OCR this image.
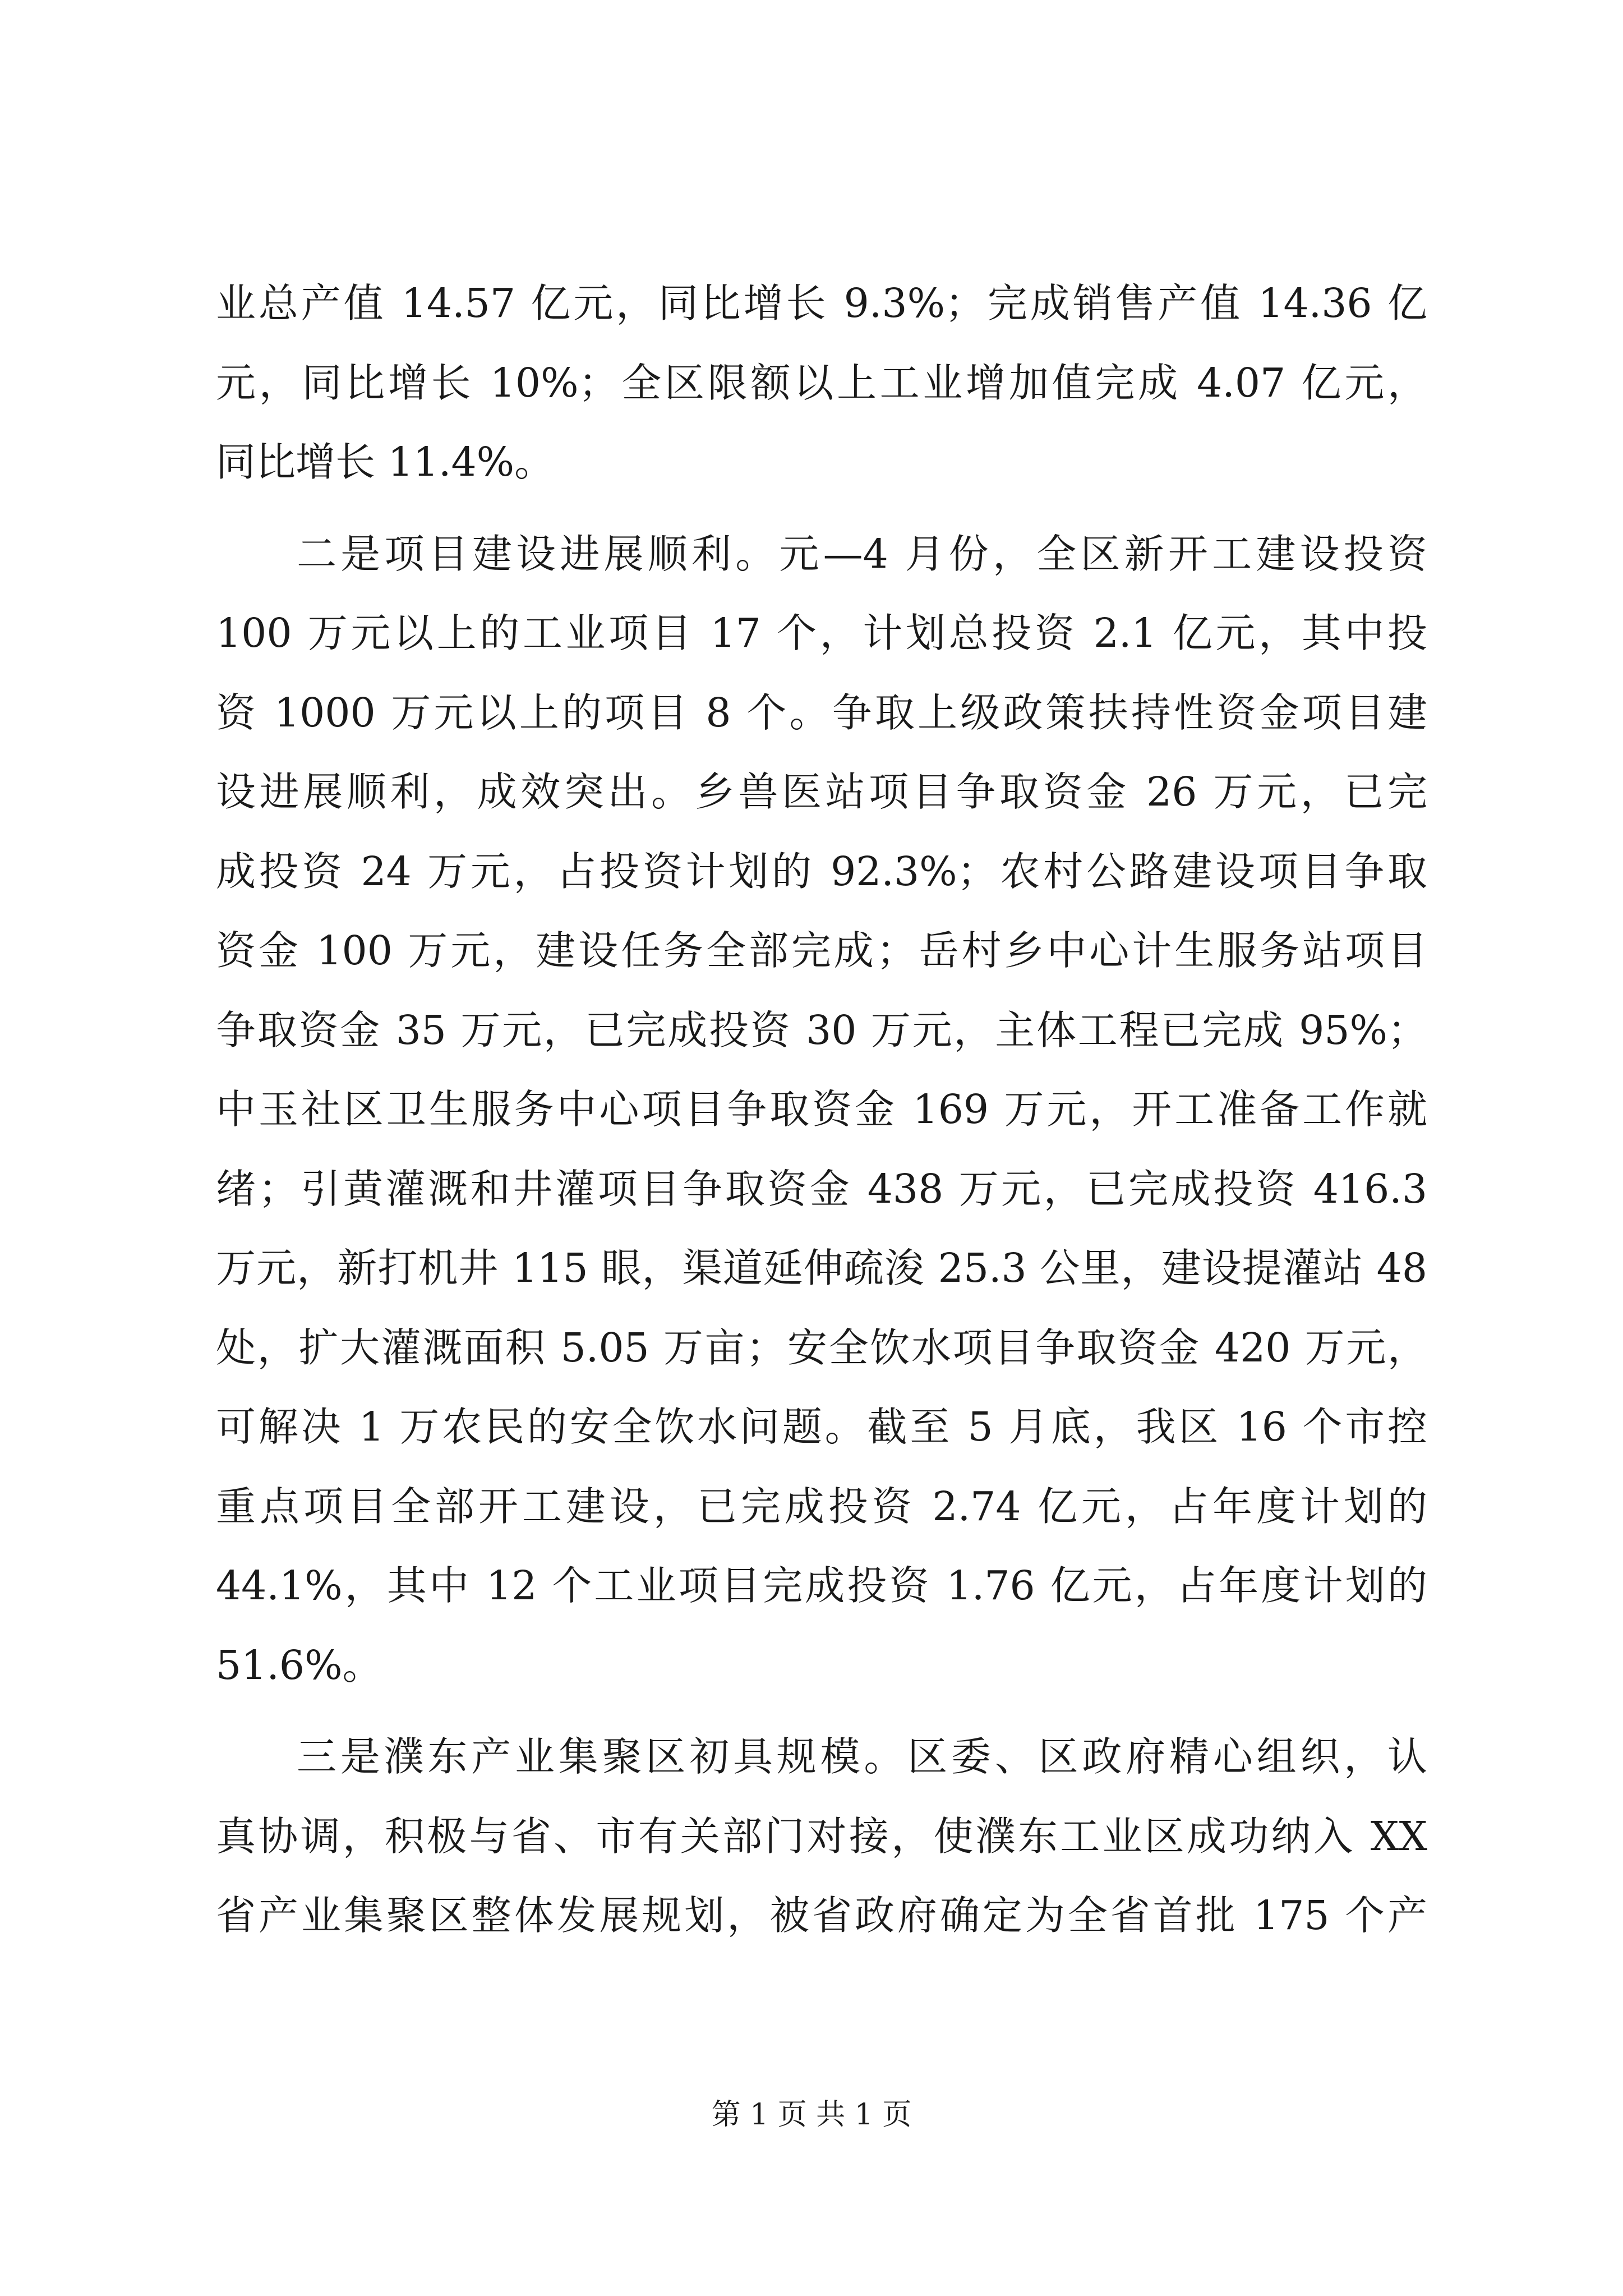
业总产值 14.57 亿元，同比增长 9.3%；完成销售产值 14.36 亿
元，同比增长 10%；全区限额以上工业增加值完成 4.07 亿元，
同比增长 11.4%。
二是项目建设进展顺利。元—4 月份，全区新开工建设投资
100 万元以上的工业项目 17 个，计划总投资 2.1 亿元，其中投
资 1000 万元以上的项目 8 个。争取上级政策扶持性资金项目建
设进展顺利，成效突出。乡兽医站项目争取资金 26 万元，已完
成投资 24 万元，占投资计划的 92.3%；农村公路建设项目争取
资金 100 万元，建设任务全部完成；岳村乡中心计生服务站项目
争取资金 35 万元，已完成投资 30 万元，主体工程已完成 95%；
中玉社区卫生服务中心项目争取资金 169 万元，开工准备工作就
绪；引黄灌溉和井灌项目争取资金 438 万元，已完成投资 416.3
万元，新打机井 115 眼，渠道延伸疏浚 25.3 公里，建设提灌站 48
处，扩大灌溉面积 5.05 万亩；安全饮水项目争取资金 420 万元，
可解决 1 万农民的安全饮水问题。截至 5 月底，我区 16 个市控
重点项目全部开工建设，已完成投资 2.74 亿元，占年度计划的
44.1%，其中 12 个工业项目完成投资 1.76 亿元，占年度计划的
51.6%。
三是濮东产业集聚区初具规模。区委、区政府精心组织，认
真协调，积极与省、市有关部门对接，使濮东工业区成功纳入 XX
省产业集聚区整体发展规划，被省政府确定为全省首批 175 个产
第 1 页 共 1 页
